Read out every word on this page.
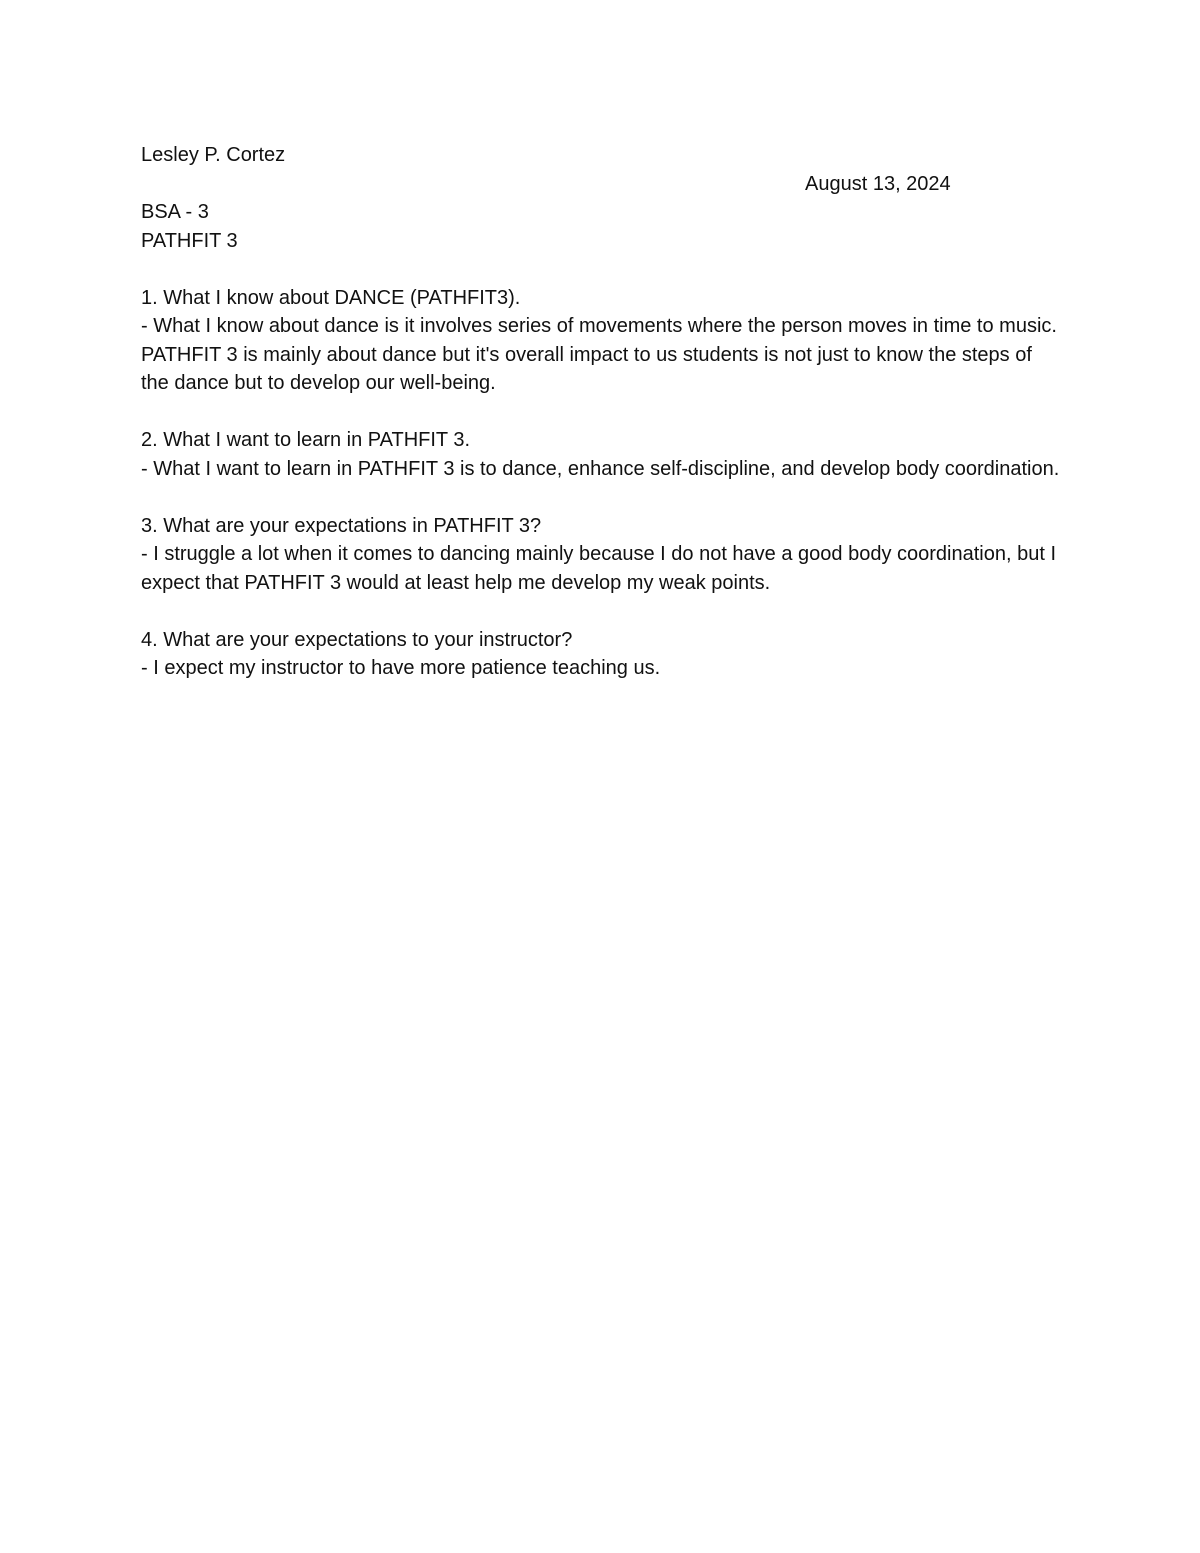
Lesley P. Cortez
August 13, 2024
BSA - 3
PATHFIT 3
1. What I know about DANCE (PATHFIT3).

- What I know about dance is it involves series of movements where the person moves in time to music. PATHFIT 3 is mainly about dance but it's overall impact to us students is not just to know the steps of the dance but to develop our well-being.

2. What I want to learn in PATHFIT 3.

- What I want to learn in PATHFIT 3 is to dance, enhance self-discipline, and develop body coordination.

3. What are your expectations in PATHFIT 3?

- I struggle a lot when it comes to dancing mainly because I do not have a good body coordination, but I expect that PATHFIT 3 would at least help me develop my weak points.

4. What are your expectations to your instructor?

- I expect my instructor to have more patience teaching us.
